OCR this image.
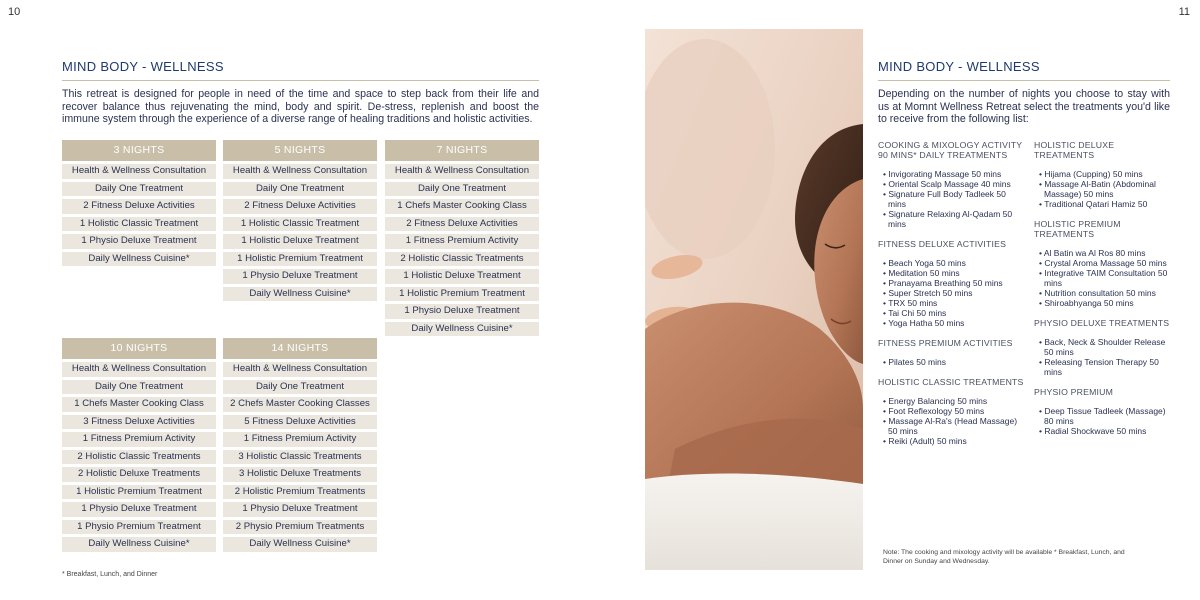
10	11
MIND BODY - WELLNESS
This retreat is designed for people in need of the time and space to step back from their life and recover balance thus rejuvenating the mind, body and spirit. De-stress, replenish and boost the immune system through the experience of a diverse range of healing traditions and holistic activities.
3 NIGHTS
Health & Wellness Consultation
Daily One Treatment
2 Fitness Deluxe Activities
1 Holistic Classic Treatment
1 Physio Deluxe Treatment
Daily Wellness Cuisine*
5 NIGHTS
Health & Wellness Consultation
Daily One Treatment
2 Fitness Deluxe Activities
1 Holistic Classic Treatment
1 Holistic Deluxe Treatment
1 Holistic Premium Treatment
1 Physio Deluxe Treatment
Daily Wellness Cuisine*
7 NIGHTS
Health & Wellness Consultation
Daily One Treatment
1 Chefs Master Cooking Class
2 Fitness Deluxe Activities
1 Fitness Premium Activity
2 Holistic Classic Treatments
1 Holistic Deluxe Treatment
1 Holistic Premium Treatment
1 Physio Deluxe Treatment
Daily Wellness Cuisine*
10 NIGHTS
Health & Wellness Consultation
Daily One Treatment
1 Chefs Master Cooking Class
3 Fitness Deluxe Activities
1 Fitness Premium Activity
2 Holistic Classic Treatments
2 Holistic Deluxe Treatments
1 Holistic Premium Treatment
1 Physio Deluxe Treatment
1 Physio Premium Treatment
Daily Wellness Cuisine*
14 NIGHTS
Health & Wellness Consultation
Daily One Treatment
2 Chefs Master Cooking Classes
5 Fitness Deluxe Activities
1 Fitness Premium Activity
3 Holistic Classic Treatments
3 Holistic Deluxe Treatments
2 Holistic Premium Treatments
1 Physio Deluxe Treatment
2 Physio Premium Treatments
Daily Wellness Cuisine*
* Breakfast, Lunch, and Dinner
MIND BODY - WELLNESS
Depending on the number of nights you choose to stay with us at Momnt Wellness Retreat select the treatments you'd like to receive from the following list:
COOKING & MIXOLOGY ACTIVITY 90 MINS* DAILY TREATMENTS
• Invigorating Massage 50 mins
• Oriental Scalp Massage 40 mins
• Signature Full Body Tadleek 50 mins
• Signature Relaxing Al-Qadam 50 mins
FITNESS DELUXE ACTIVITIES
• Beach Yoga 50 mins
• Meditation 50 mins
• Pranayama Breathing 50 mins
• Super Stretch 50 mins
• TRX 50 mins
• Tai Chi 50 mins
• Yoga Hatha 50 mins
FITNESS PREMIUM ACTIVITIES
• Pilates 50 mins
HOLISTIC CLASSIC TREATMENTS
• Energy Balancing 50 mins
• Foot Reflexology 50 mins
• Massage Al-Ra's (Head Massage) 50 mins
• Reiki (Adult) 50 mins
HOLISTIC DELUXE TREATMENTS
• Hijama (Cupping) 50 mins
• Massage Al-Batin (Abdominal Massage) 50 mins
• Traditional Qatari Hamiz 50
HOLISTIC PREMIUM TREATMENTS
• Al Batin wa Al Ros 80 mins
• Crystal Aroma Massage 50 mins
• Integrative TAIM Consultation 50 mins
• Nutrition consultation 50 mins
• Shiroabhyanga 50 mins
PHYSIO DELUXE TREATMENTS
• Back, Neck & Shoulder Release 50 mins
• Releasing Tension Therapy 50 mins
PHYSIO PREMIUM
• Deep Tissue Tadleek (Massage) 80 mins
• Radial Shockwave 50 mins
Note: The cooking and mixology activity will be available * Breakfast, Lunch, and Dinner on Sunday and Wednesday.
